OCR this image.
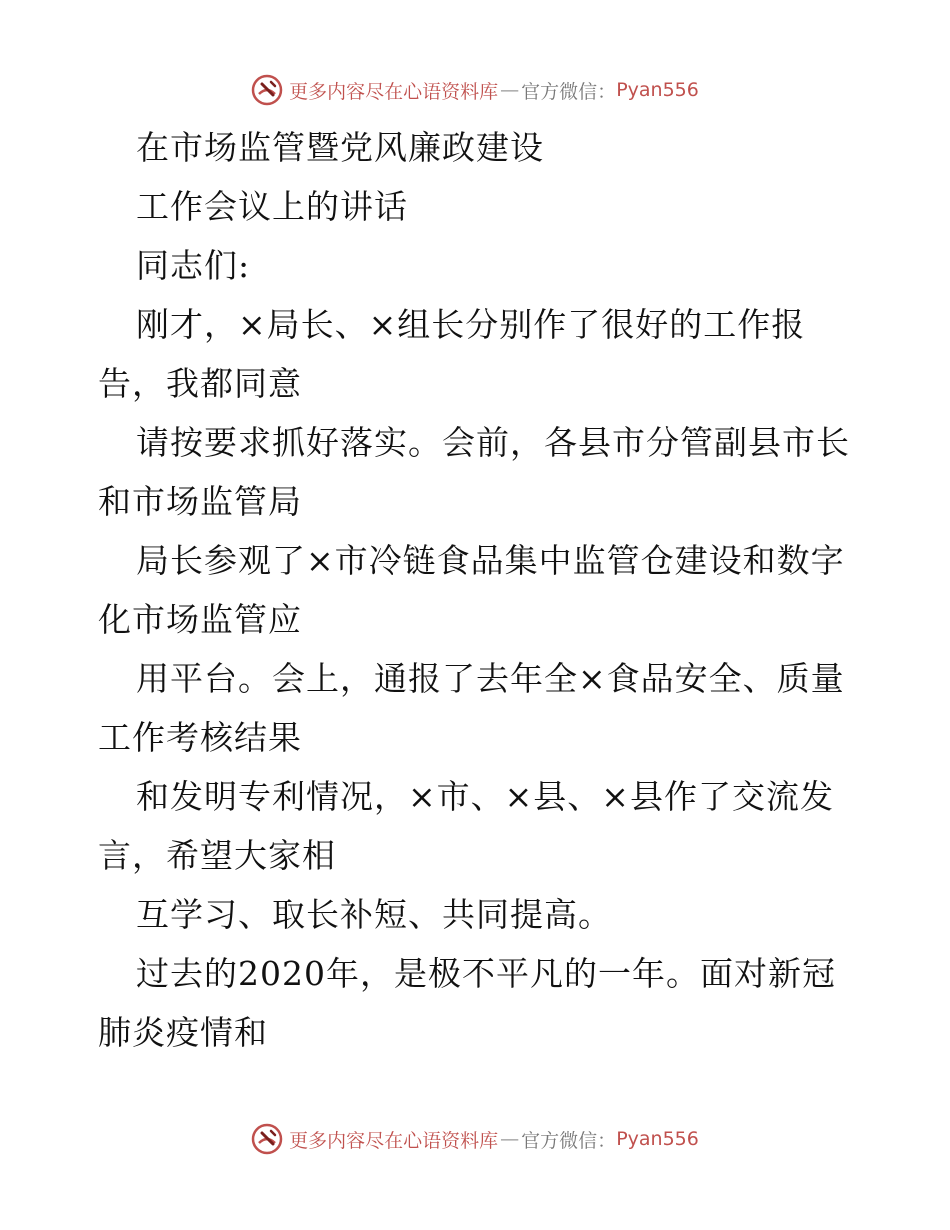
更多内容尽在心语资料库 — 官方微信： Pyan556
在市场监管暨党风廉政建设
工作会议上的讲话
同志们:
刚才，×局长、×组长分别作了很好的工作报
告，我都同意
请按要求抓好落实。会前，各县市分管副县市长
和市场监管局
局长参观了×市冷链食品集中监管仓建设和数字
化市场监管应
用平台。会上，通报了去年全×食品安全、质量
工作考核结果
和发明专利情况，×市、×县、×县作了交流发
言，希望大家相
互学习、取长补短、共同提高。
过去的2020年，是极不平凡的一年。面对新冠
肺炎疫情和
更多内容尽在心语资料库 — 官方微信： Pyan556
